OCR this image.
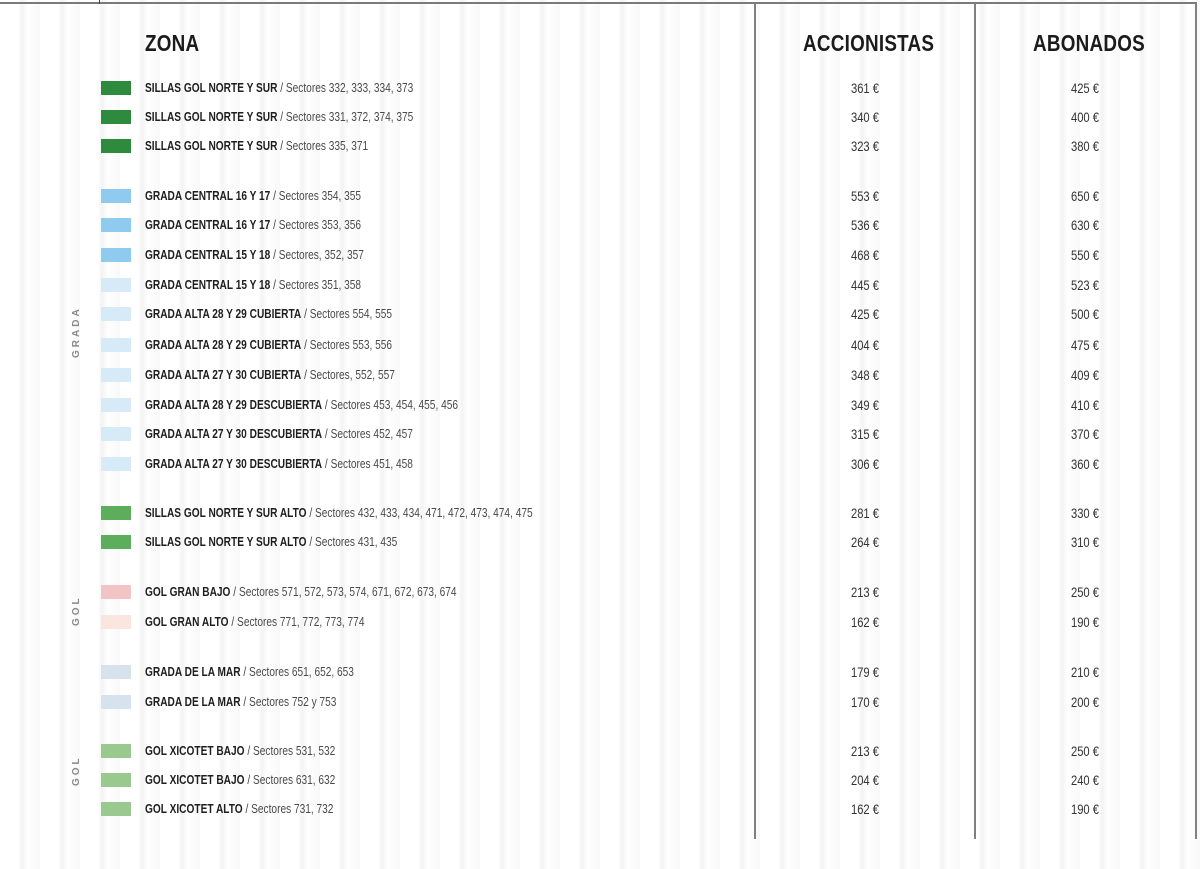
ZONA	ACCIONISTAS	ABONADOS
GRADA
GOL
GOL
SILLAS GOL NORTE Y SUR / Sectores 332, 333, 334, 373	361 €	425 €
SILLAS GOL NORTE Y SUR / Sectores 331, 372, 374, 375	340 €	400 €
SILLAS GOL NORTE Y SUR / Sectores 335, 371	323 €	380 €
GRADA CENTRAL 16 Y 17 / Sectores 354, 355	553 €	650 €
GRADA CENTRAL 16 Y 17 / Sectores 353, 356	536 €	630 €
GRADA CENTRAL 15 Y 18 / Sectores, 352, 357	468 €	550 €
GRADA CENTRAL 15 Y 18 / Sectores 351, 358	445 €	523 €
GRADA ALTA 28 Y 29 CUBIERTA / Sectores 554, 555	425 €	500 €
GRADA ALTA 28 Y 29 CUBIERTA / Sectores 553, 556	404 €	475 €
GRADA ALTA 27 Y 30 CUBIERTA / Sectores, 552, 557	348 €	409 €
GRADA ALTA 28 Y 29 DESCUBIERTA / Sectores 453, 454, 455, 456	349 €	410 €
GRADA ALTA 27 Y 30 DESCUBIERTA / Sectores 452, 457	315 €	370 €
GRADA ALTA 27 Y 30 DESCUBIERTA / Sectores 451, 458	306 €	360 €
SILLAS GOL NORTE Y SUR ALTO / Sectores 432, 433, 434, 471, 472, 473, 474, 475	281 €	330 €
SILLAS GOL NORTE Y SUR ALTO / Sectores 431, 435	264 €	310 €
GOL GRAN BAJO / Sectores 571, 572, 573, 574, 671, 672, 673, 674	213 €	250 €
GOL GRAN ALTO / Sectores 771, 772, 773, 774	162 €	190 €
GRADA DE LA MAR / Sectores 651, 652, 653	179 €	210 €
GRADA DE LA MAR / Sectores 752 y 753	170 €	200 €
GOL XICOTET BAJO / Sectores 531, 532	213 €	250 €
GOL XICOTET BAJO / Sectores 631, 632	204 €	240 €
GOL XICOTET ALTO / Sectores 731, 732	162 €	190 €
